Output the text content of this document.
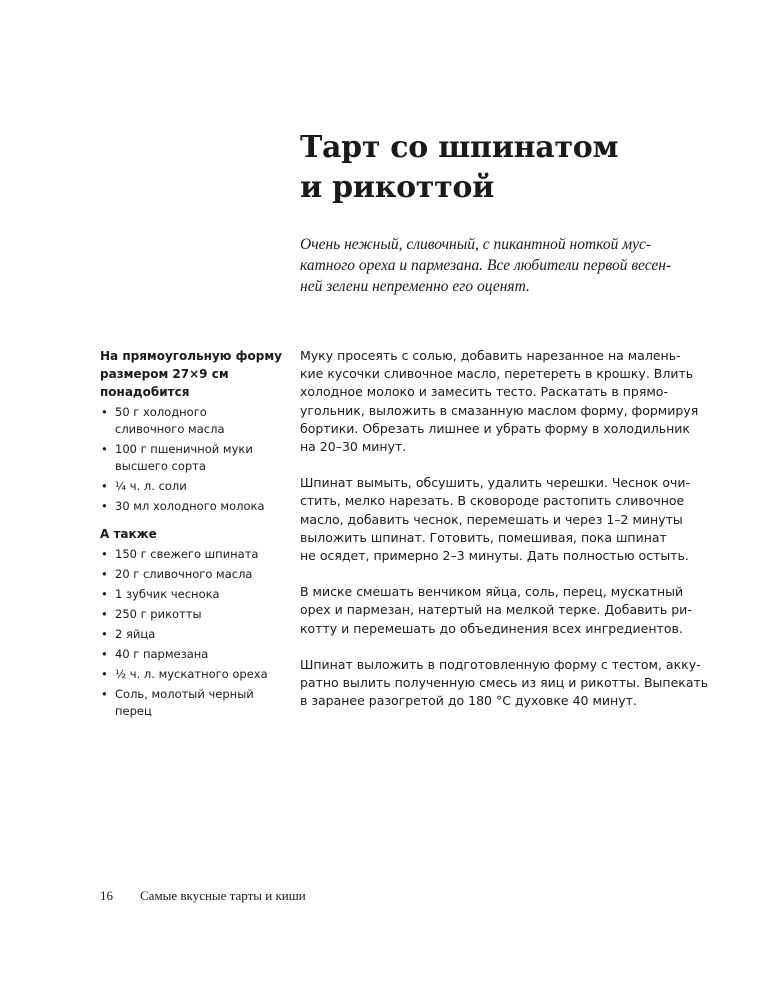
Тарт со шпинатом
и рикоттой

Очень нежный, сливочный, с пикантной ноткой мус-
катного ореха и пармезана. Все любители первой весен-
ней зелени непременно его оценят.

На прямоугольную форму
размером 27×9 см
понадобится
• 50 г холодного
сливочного масла
• 100 г пшеничной муки
высшего сорта
• ¼ ч. л. соли
• 30 мл холодного молока
А также
• 150 г свежего шпината
• 20 г сливочного масла
• 1 зубчик чеснока
• 250 г рикотты
• 2 яйца
• 40 г пармезана
• ½ ч. л. мускатного ореха
• Соль, молотый черный
перец

Муку просеять с солью, добавить нарезанное на малень-
кие кусочки сливочное масло, перетереть в крошку. Влить
холодное молоко и замесить тесто. Раскатать в прямо-
угольник, выложить в смазанную маслом форму, формируя
бортики. Обрезать лишнее и убрать форму в холодильник
на 20–30 минут.

Шпинат вымыть, обсушить, удалить черешки. Чеснок очи-
стить, мелко нарезать. В сковороде растопить сливочное
масло, добавить чеснок, перемешать и через 1–2 минуты
выложить шпинат. Готовить, помешивая, пока шпинат
не осядет, примерно 2–3 минуты. Дать полностью остыть.

В миске смешать венчиком яйца, соль, перец, мускатный
орех и пармезан, натертый на мелкой терке. Добавить ри-
котту и перемешать до объединения всех ингредиентов.

Шпинат выложить в подготовленную форму с тестом, акку-
ратно вылить полученную смесь из яиц и рикотты. Выпекать
в заранее разогретой до 180 °С духовке 40 минут.

16 Самые вкусные тарты и киши
